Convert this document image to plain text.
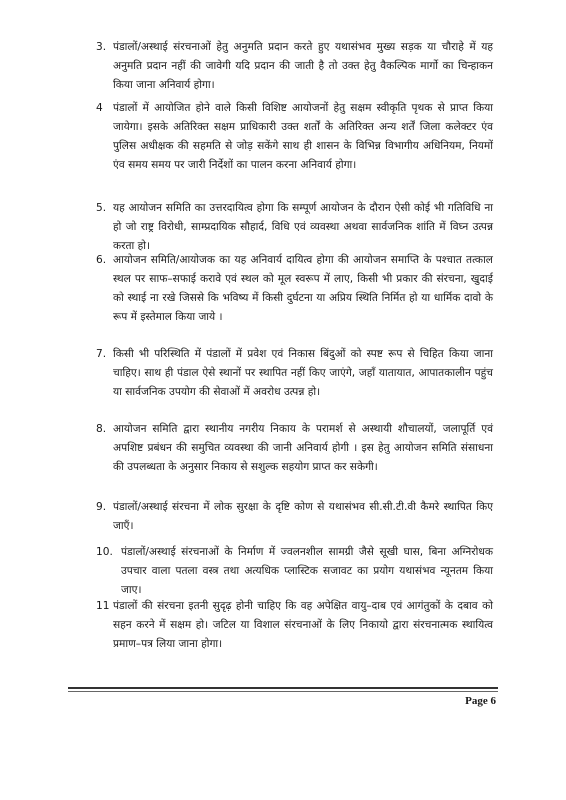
3. पंडालों/अस्थाई संरचनाओं हेतु अनुमति प्रदान करते हुए यथासंभव मुख्य सड़क या चौराहे में यह अनुमति प्रदान नहीं की जावेगी यदि प्रदान की जाती है तो उक्त हेतु वैकल्पिक मार्गो का चिन्हाकन किया जाना अनिवार्य होगा।
4 पंडालों में आयोजित होने वाले किसी विशिष्ट आयोजनों हेतु सक्षम स्वीकृति पृथक से प्राप्त किया जायेगा। इसके अतिरिक्त सक्षम प्राधिकारी उक्त शर्तों के अतिरिक्त अन्य शर्तें जिला कलेक्टर एंव पुलिस अधीक्षक की सहमति से जोड़ सकेंगे साथ ही शासन के विभिन्न विभागीय अधिनियम, नियमों एंव समय समय पर जारी निर्देशों का पालन करना अनिवार्य होगा।
5. यह आयोजन समिति का उत्तरदायित्व होगा कि सम्पूर्ण आयोजन के दौरान ऐसी कोई भी गतिविधि ना हो जो राष्ट्र विरोधी, साम्प्रदायिक सौहार्द, विधि एवं व्यवस्था अथवा सार्वजनिक शांति में विघ्न उत्पन्न करता हो।
6. आयोजन समिति/आयोजक का यह अनिवार्य दायित्व होगा की आयोजन समाप्ति के पश्चात तत्काल स्थल पर साफ–सफाई करावे एवं स्थल को मूल स्वरूप में लाए, किसी भी प्रकार की संरचना, खुदाई को स्थाई ना रखे जिससे कि भविष्य में किसी दुर्घटना या अप्रिय स्थिति निर्मित हो या धार्मिक दावो के रूप में इस्तेमाल किया जाये ।
7. किसी भी परिस्थिति में पंडालों में प्रवेश एवं निकास बिंदुओं को स्पष्ट रूप से चिहित किया जाना चाहिए। साथ ही पंडाल ऐसे स्थानों पर स्थापित नहीं किए जाएंगे, जहाँ यातायात, आपातकालीन पहुंच या सार्वजनिक उपयोग की सेवाओं में अवरोध उत्पन्न हो।
8. आयोजन समिति द्वारा स्थानीय नगरीय निकाय के परामर्श से अस्थायी शौचालयों, जलापूर्ति एवं अपशिष्ट प्रबंधन की समुचित व्यवस्था की जानी अनिवार्य होगी । इस हेतु आयोजन समिति संसाधना की उपलब्धता के अनुसार निकाय से सशुल्क सहयोग प्राप्त कर सकेगी।
9. पंडालों/अस्थाई संरचना में लोक सुरक्षा के दृष्टि कोण से यथासंभव सी.सी.टी.वी कैमरे स्थापित किए जाएँ।
10. पंडालों/अस्थाई संरचनाओं के निर्माण में ज्वलनशील सामग्री जैसे सूखी घास, बिना अग्निरोधक उपचार वाला पतला वस्त्र तथा अत्यधिक प्लास्टिक सजावट का प्रयोग यथासंभव न्यूनतम किया जाए।
11 पंडालों की संरचना इतनी सुदृढ़ होनी चाहिए कि वह अपेक्षित वायु–दाब एवं आगंतुकों के दबाव को सहन करने में सक्षम हो। जटिल या विशाल संरचनाओं के लिए निकायो द्वारा संरचनात्मक स्थायित्व प्रमाण–पत्र लिया जाना होगा।
Page 6
